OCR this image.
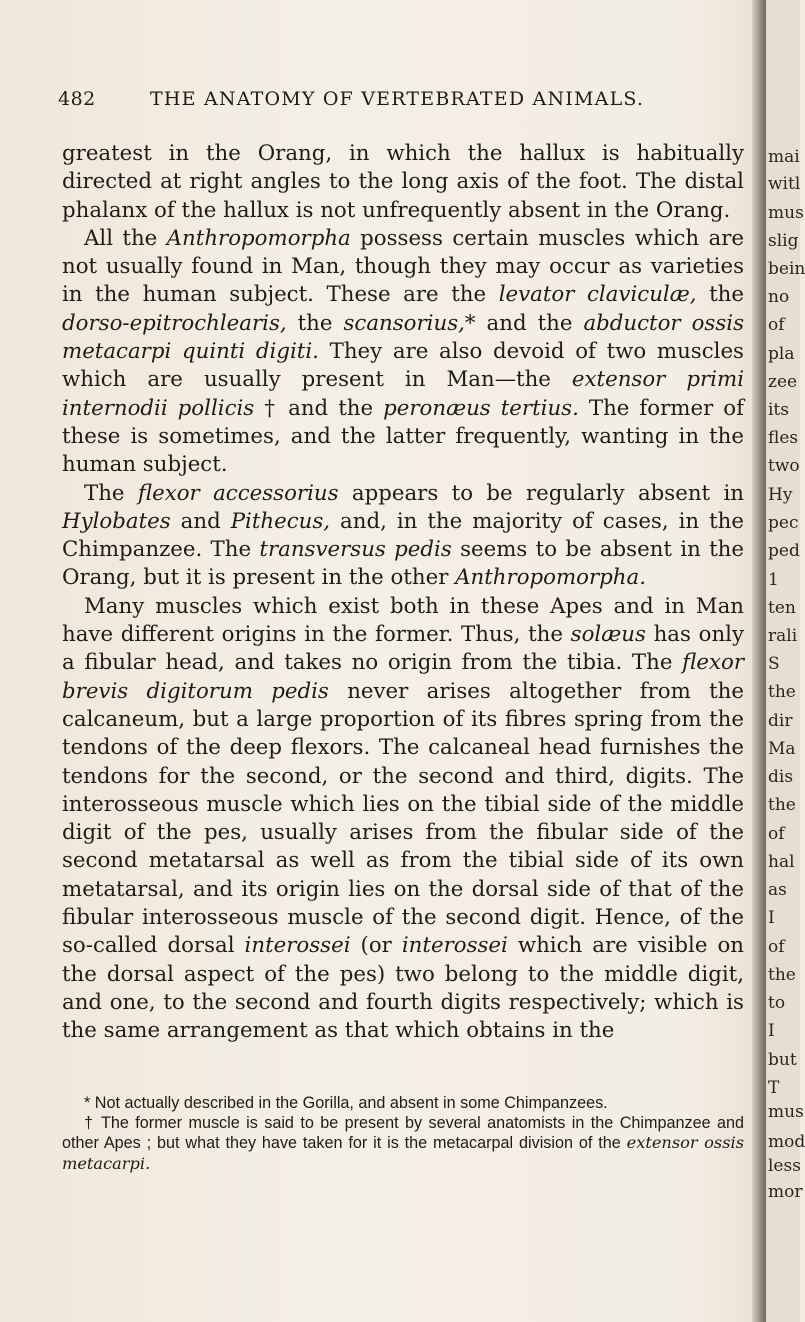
482	THE ANATOMY OF VERTEBRATED ANIMALS.

greatest in the Orang, in which the hallux is habitually directed at right angles to the long axis of the foot. The distal phalanx of the hallux is not unfrequently absent in the Orang.

All the Anthropomorpha possess certain muscles which are not usually found in Man, though they may occur as varieties in the human subject. These are the levator claviculæ, the dorso-epitrochlearis, the scansorius,* and the abductor ossis metacarpi quinti digiti. They are also devoid of two muscles which are usually present in Man—the extensor primi internodii pollicis † and the peronæus tertius. The former of these is sometimes, and the latter frequently, wanting in the human subject.

The flexor accessorius appears to be regularly absent in Hylobates and Pithecus, and, in the majority of cases, in the Chimpanzee. The transversus pedis seems to be absent in the Orang, but it is present in the other Anthropomorpha.

Many muscles which exist both in these Apes and in Man have different origins in the former. Thus, the solæus has only a fibular head, and takes no origin from the tibia. The flexor brevis digitorum pedis never arises altogether from the calcaneum, but a large proportion of its fibres spring from the tendons of the deep flexors. The calcaneal head furnishes the tendons for the second, or the second and third, digits. The interosseous muscle which lies on the tibial side of the middle digit of the pes, usually arises from the fibular side of the second metatarsal as well as from the tibial side of its own metatarsal, and its origin lies on the dorsal side of that of the fibular interosseous muscle of the second digit. Hence, of the so-called dorsal interossei (or interossei which are visible on the dorsal aspect of the pes) two belong to the middle digit, and one, to the second and fourth digits respectively; which is the same arrangement as that which obtains in the

* Not actually described in the Gorilla, and absent in some Chimpanzees.

† The former muscle is said to be present by several anatomists in the Chimpanzee and other Apes ; but what they have taken for it is the metacarpal division of the extensor ossis metacarpi.

mai
witl
mus
slig
bein
no
of
pla
zee
its
fles
two
Hy
pec
ped
1
ten
rali
S
the
dir
Ma
dis
the
of
hal
as
I
of
the
to
I
but
T
mus
mod
less
mor
